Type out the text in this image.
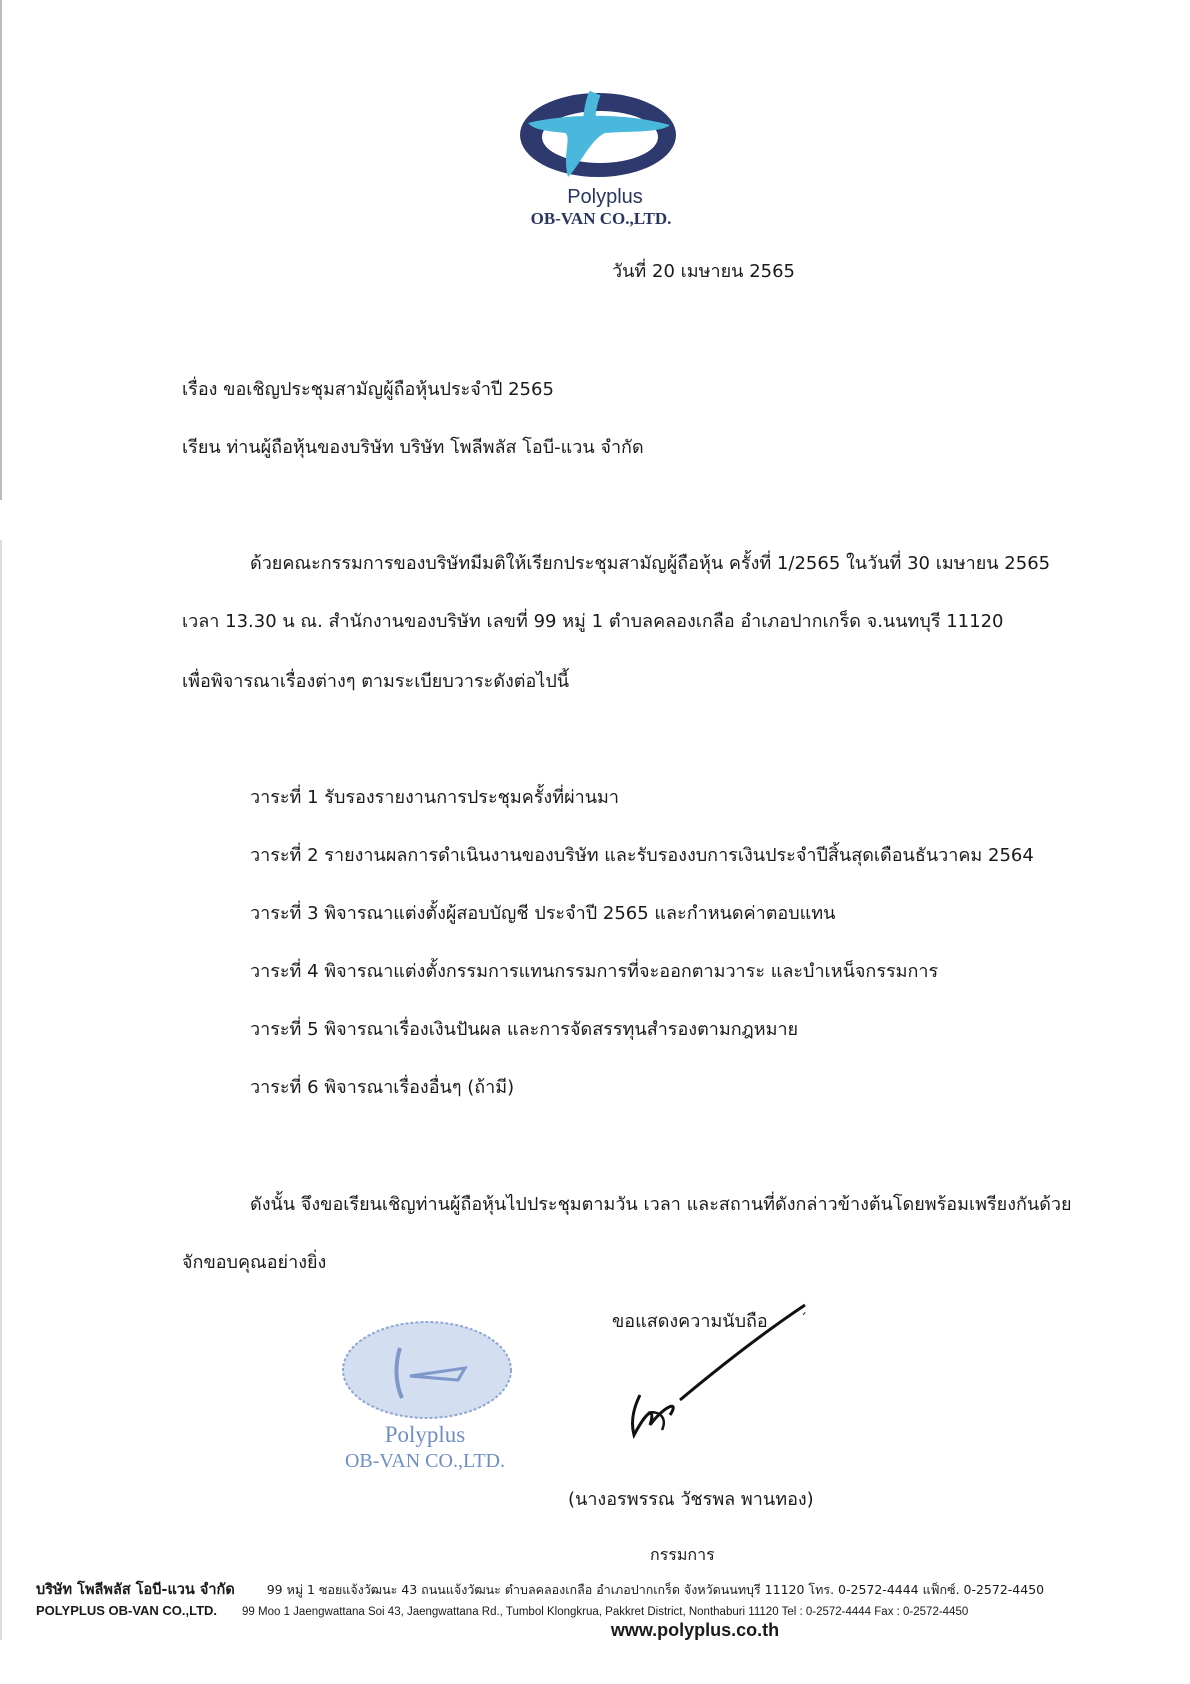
Polyplus
OB-VAN CO.,LTD.
วันที่ 20 เมษายน 2565
เรื่อง ขอเชิญประชุมสามัญผู้ถือหุ้นประจำปี 2565
เรียน ท่านผู้ถือหุ้นของบริษัท บริษัท โพลีพลัส โอบี-แวน จำกัด
ด้วยคณะกรรมการของบริษัทมีมติให้เรียกประชุมสามัญผู้ถือหุ้น ครั้งที่ 1/2565 ในวันที่ 30 เมษายน 2565
เวลา 13.30 น ณ. สำนักงานของบริษัท เลขที่ 99 หมู่ 1 ตำบลคลองเกลือ อำเภอปากเกร็ด จ.นนทบุรี 11120
เพื่อพิจารณาเรื่องต่างๆ ตามระเบียบวาระดังต่อไปนี้
วาระที่ 1 รับรองรายงานการประชุมครั้งที่ผ่านมา
วาระที่ 2 รายงานผลการดำเนินงานของบริษัท และรับรองงบการเงินประจำปีสิ้นสุดเดือนธันวาคม 2564
วาระที่ 3 พิจารณาแต่งตั้งผู้สอบบัญชี ประจำปี 2565 และกำหนดค่าตอบแทน
วาระที่ 4 พิจารณาแต่งตั้งกรรมการแทนกรรมการที่จะออกตามวาระ และบำเหน็จกรรมการ
วาระที่ 5 พิจารณาเรื่องเงินปันผล และการจัดสรรทุนสำรองตามกฎหมาย
วาระที่ 6 พิจารณาเรื่องอื่นๆ (ถ้ามี)
ดังนั้น จึงขอเรียนเชิญท่านผู้ถือหุ้นไปประชุมตามวัน เวลา และสถานที่ดังกล่าวข้างต้นโดยพร้อมเพรียงกันด้วย
จักขอบคุณอย่างยิ่ง
ขอแสดงความนับถือ ˊ
Polyplus
OB-VAN CO.,LTD.
(นางอรพรรณ วัชรพล พานทอง)
กรรมการ
บริษัท โพลีพลัส โอบี-แวน จำกัด	99 หมู่ 1 ซอยแจ้งวัฒนะ 43 ถนนแจ้งวัฒนะ ตำบลคลองเกลือ อำเภอปากเกร็ด จังหวัดนนทบุรี 11120 โทร. 0-2572-4444 แฟ็กซ์. 0-2572-4450
POLYPLUS OB-VAN CO.,LTD. 99 Moo 1 Jaengwattana Soi 43, Jaengwattana Rd., Tumbol Klongkrua, Pakkret District, Nonthaburi 11120 Tel : 0-2572-4444 Fax : 0-2572-4450
www.polyplus.co.th
